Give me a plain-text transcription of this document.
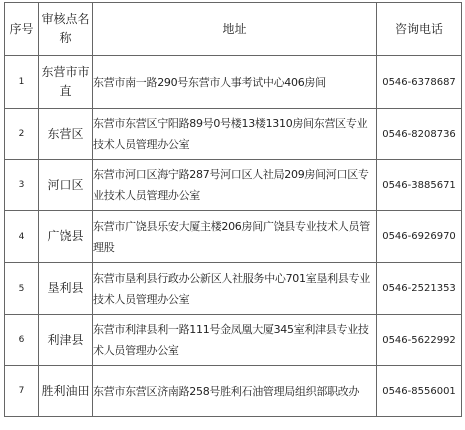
序号	审核点名称	地址	咨询电话
1	东营市市直	东营市南一路290号东营市人事考试中心406房间	0546-6378687
2	东营区	东营市东营区宁阳路89号0号楼13楼1310房间东营区专业技术人员管理办公室	0546-8208736
3	河口区	东营市河口区海宁路287号河口区人社局209房间河口区专业技术人员管理办公室	0546-3885671
4	广饶县	东营市广饶县乐安大厦主楼206房间广饶县专业技术人员管理股	0546-6926970
5	垦利县	东营市垦利县行政办公新区人社服务中心701室垦利县专业技术人员管理办公室	0546-2521353
6	利津县	东营市利津县利一路111号金凤凰大厦345室利津县专业技术人员管理办公室	0546-5622992
7	胜利油田	东营市东营区济南路258号胜利石油管理局组织部职改办	0546-8556001
